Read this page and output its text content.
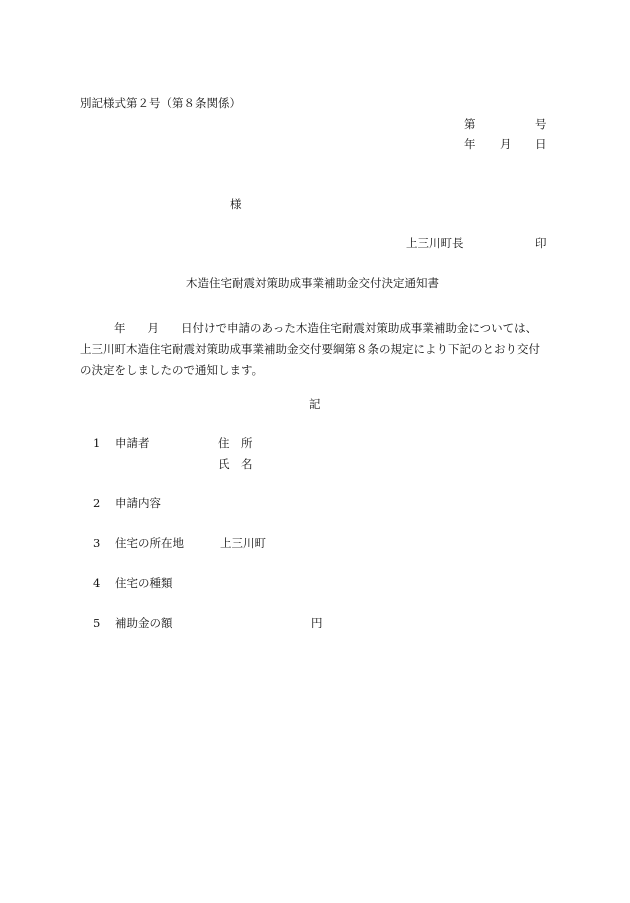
別記様式第２号（第８条関係）
第	号
年 月 日
様
上三川町長	印
木造住宅耐震対策助成事業補助金交付決定通知書
年 月 日付けで申請のあった木造住宅耐震対策助成事業補助金については、
上三川町木造住宅耐震対策助成事業補助金交付要綱第８条の規定により下記のとおり交付
の決定をしましたので通知します。
記
1 申請者	住　所
氏　名
2 申請内容
3 住宅の所在地	上三川町
4 住宅の種類
5 補助金の額	円
